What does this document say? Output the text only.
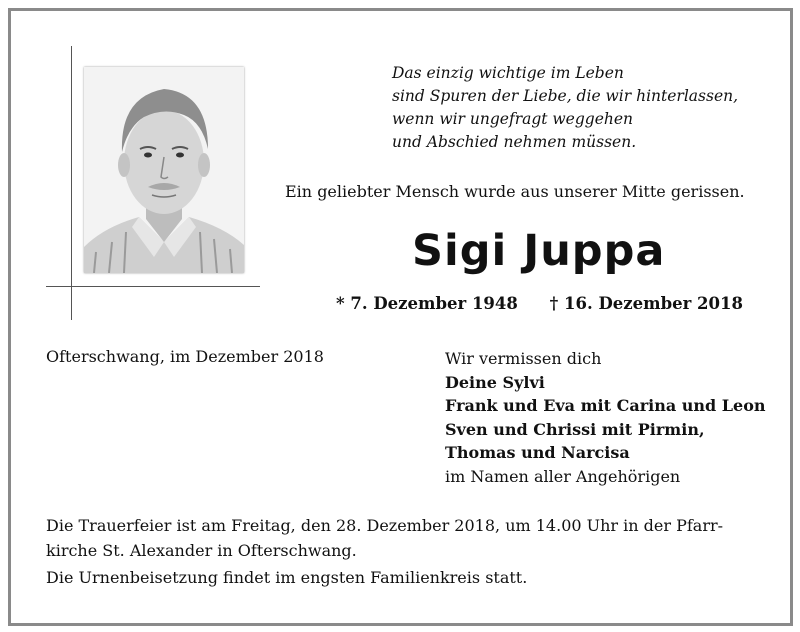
Das einzig wichtige im Leben
sind Spuren der Liebe, die wir hinterlassen,
wenn wir ungefragt weggehen
und Abschied nehmen müssen.
Ein geliebter Mensch wurde aus unserer Mitte gerissen.
Sigi Juppa
* 7. Dezember 1948 † 16. Dezember 2018
Ofterschwang, im Dezember 2018	Wir vermissen dich
Deine Sylvi
Frank und Eva mit Carina und Leon
Sven und Chrissi mit Pirmin,
Thomas und Narcisa
im Namen aller Angehörigen
Die Trauerfeier ist am Freitag, den 28. Dezember 2018, um 14.00 Uhr in der Pfarr-
kirche St. Alexander in Ofterschwang.
Die Urnenbeisetzung findet im engsten Familienkreis statt.
